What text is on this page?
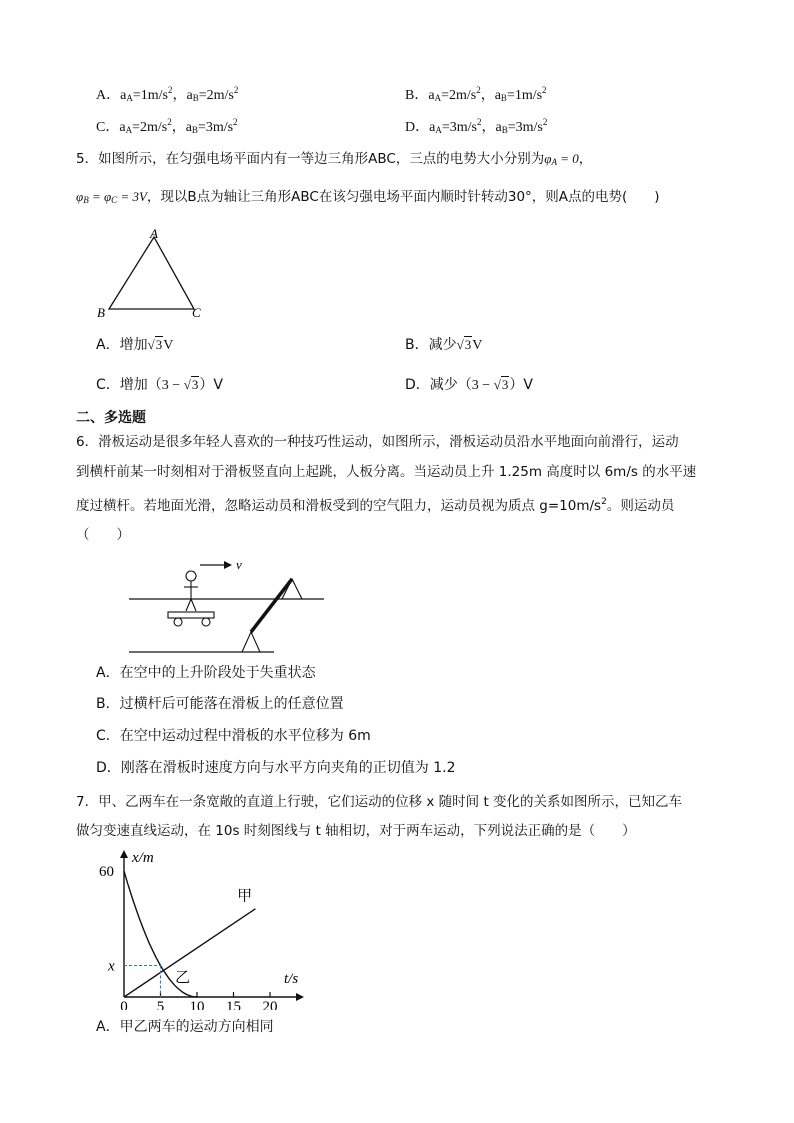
A．$a_A=1m/s^2$，$a_B=2m/s^2$	B．$a_A=2m/s^2$，$a_B=1m/s^2$
C．$a_A=2m/s^2$，$a_B=3m/s^2$	D．$a_A=3m/s^2$，$a_B=3m/s^2$
5．如图所示，在匀强电场平面内有一等边三角形ABC，三点的电势大小分别为$\varphi_A = 0$，
$\varphi_B = \varphi_C = 3V$，现以B点为轴让三角形ABC在该匀强电场平面内顺时针转动30°，则A点的电势(　　)
A
B	C
A．增加√3V	B．减少√3V
C．增加（3 − √3）V	D．减少（3 − √3）V
二、多选题
6．滑板运动是很多年轻人喜欢的一种技巧性运动，如图所示，滑板运动员沿水平地面向前滑行，运动
到横杆前某一时刻相对于滑板竖直向上起跳，人板分离。当运动员上升 1.25m 高度时以 6m/s 的水平速
度过横杆。若地面光滑，忽略运动员和滑板受到的空气阻力，运动员视为质点 $g=10m/s^2$。则运动员
（　　）
v
A．在空中的上升阶段处于失重状态
B．过横杆后可能落在滑板上的任意位置
C．在空中运动过程中滑板的水平位移为 6m
D．刚落在滑板时速度方向与水平方向夹角的正切值为 1.2
7．甲、乙两车在一条宽敞的直道上行驶，它们运动的位移 x 随时间 t 变化的关系如图所示，已知乙车
做匀变速直线运动，在 10s 时刻图线与 t 轴相切，对于两车运动，下列说法正确的是（　　）
0 5 10 15 20
x/m
t/s
60
甲
乙
x
A．甲乙两车的运动方向相同
